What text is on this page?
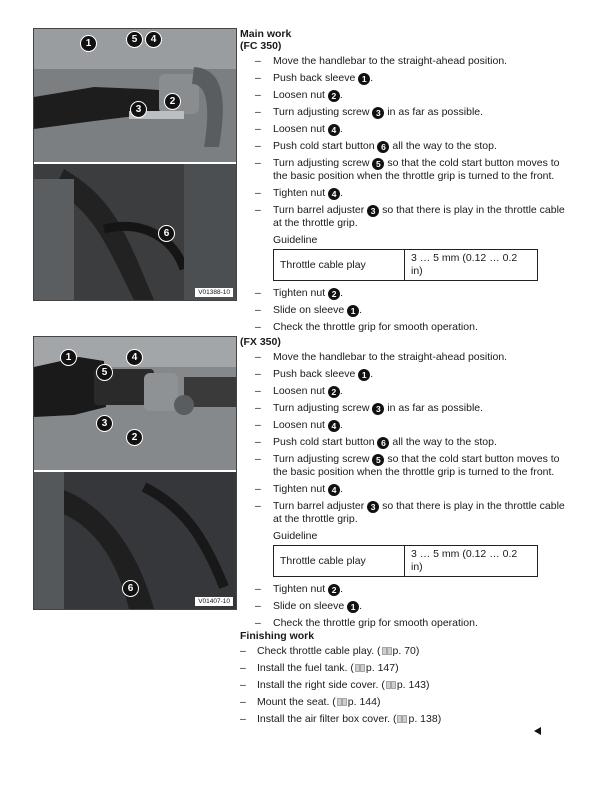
1	5	4
3
2
6
V01388-10
1	4
5
3
2
6
V01407-10
Main work
(FC 350)
– Move the handlebar to the straight-ahead position.
– Push back sleeve 1 .
– Loosen nut 2 .
– Turn adjusting screw 3 in as far as possible.
– Loosen nut 4 .
– Push cold start button 6 all the way to the stop.
– Turn adjusting screw 5 so that the cold start button moves to the basic position when the throttle grip is turned to the front.
– Tighten nut 4 .
– Turn barrel adjuster 3 so that there is play in the throttle cable at the throttle grip.
Guideline
Throttle cable play	3 … 5 mm (0.12 … 0.2 in)
– Tighten nut 2 .
– Slide on sleeve 1 .
– Check the throttle grip for smooth operation.
(FX 350)
– Move the handlebar to the straight-ahead position.
– Push back sleeve 1 .
– Loosen nut 2 .
– Turn adjusting screw 3 in as far as possible.
– Loosen nut 4 .
– Push cold start button 6 all the way to the stop.
– Turn adjusting screw 5 so that the cold start button moves to the basic position when the throttle grip is turned to the front.
– Tighten nut 4 .
– Turn barrel adjuster 3 so that there is play in the throttle cable at the throttle grip.
Guideline
Throttle cable play	3 … 5 mm (0.12 … 0.2 in)
– Tighten nut 2 .
– Slide on sleeve 1 .
– Check the throttle grip for smooth operation.
Finishing work
– Check throttle cable play. ( p. 70)
– Install the fuel tank. ( p. 147)
– Install the right side cover. ( p. 143)
– Mount the seat. ( p. 144)
– Install the air filter box cover. ( p. 138)
